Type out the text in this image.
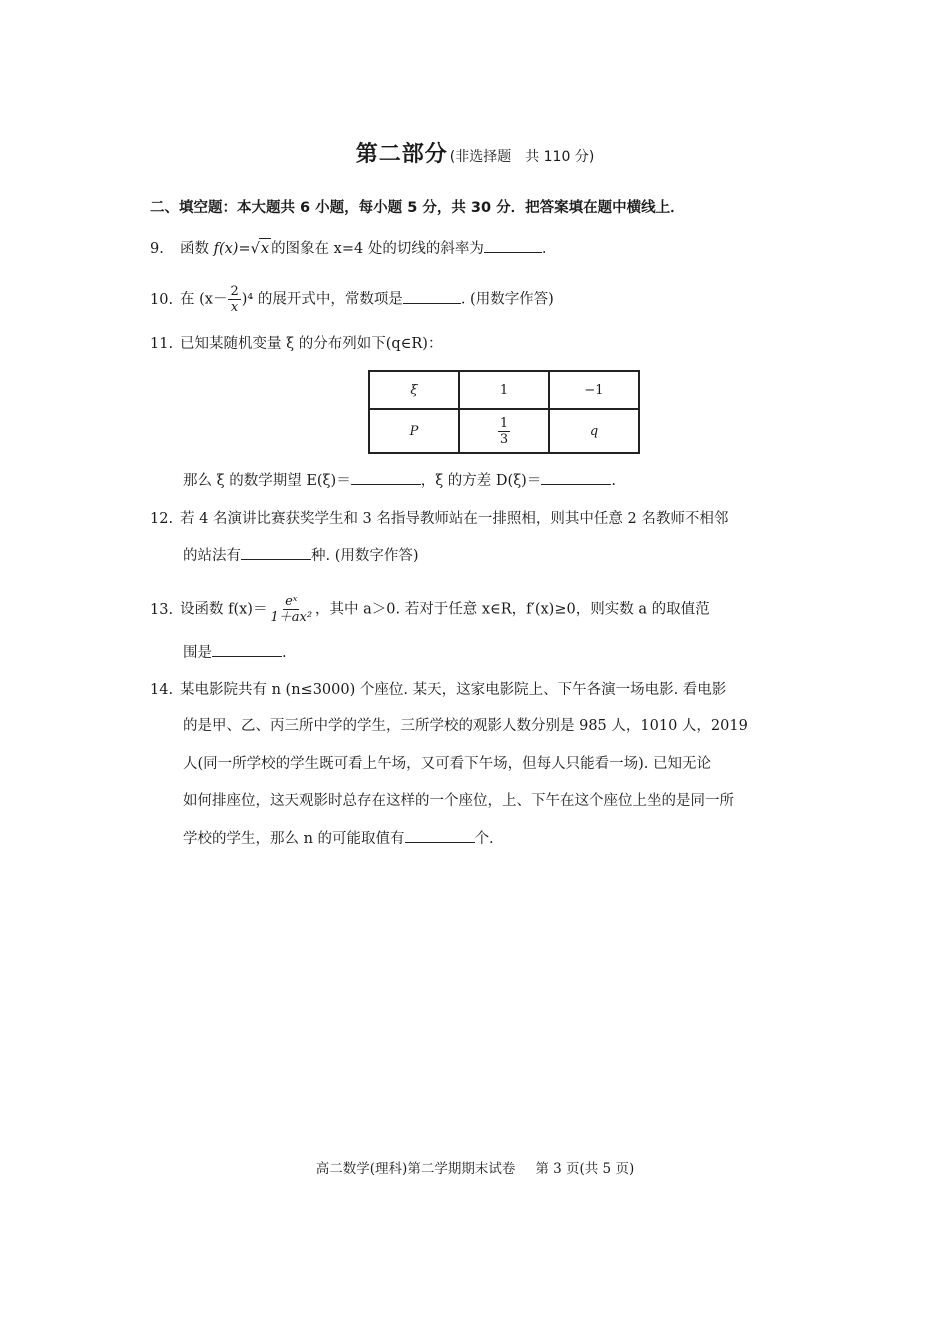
第二部分 (非选择题　共 110 分)
二、填空题：本大题共 6 小题，每小题 5 分，共 30 分．把答案填在题中横线上．
9. 函数 f(x)=√x 的图象在 x=4 处的切线的斜率为	.
10. 在 $(x- \frac{2}{x} )^4$ 的展开式中，常数项是	. (用数字作答)
11. 已知某随机变量 ξ 的分布列如下(q∈R)：
ξ	1	−1
P	$\frac{1}{3}$	q
那么 ξ 的数学期望 E(ξ)＝	，ξ 的方差 D(ξ)＝	.
12. 若 4 名演讲比赛获奖学生和 3 名指导教师站在一排照相，则其中任意 2 名教师不相邻
的站法有	种. (用数字作答)
13. 设函数 $f(x)= \frac{\text{eˣ}}{\text{1＋ax²}}$ ，其中 a＞0. 若对于任意 x∈R，f′(x)≥0，则实数 a 的取值范
围是	.
14. 某电影院共有 n (n≤3000) 个座位. 某天，这家电影院上、下午各演一场电影. 看电影
的是甲、乙、丙三所中学的学生，三所学校的观影人数分别是 985 人，1010 人，2019
人(同一所学校的学生既可看上午场，又可看下午场，但每人只能看一场). 已知无论
如何排座位，这天观影时总存在这样的一个座位，上、下午在这个座位上坐的是同一所
学校的学生，那么 n 的可能取值有	个.
高二数学(理科)第二学期期末试卷 第 3 页(共 5 页)
